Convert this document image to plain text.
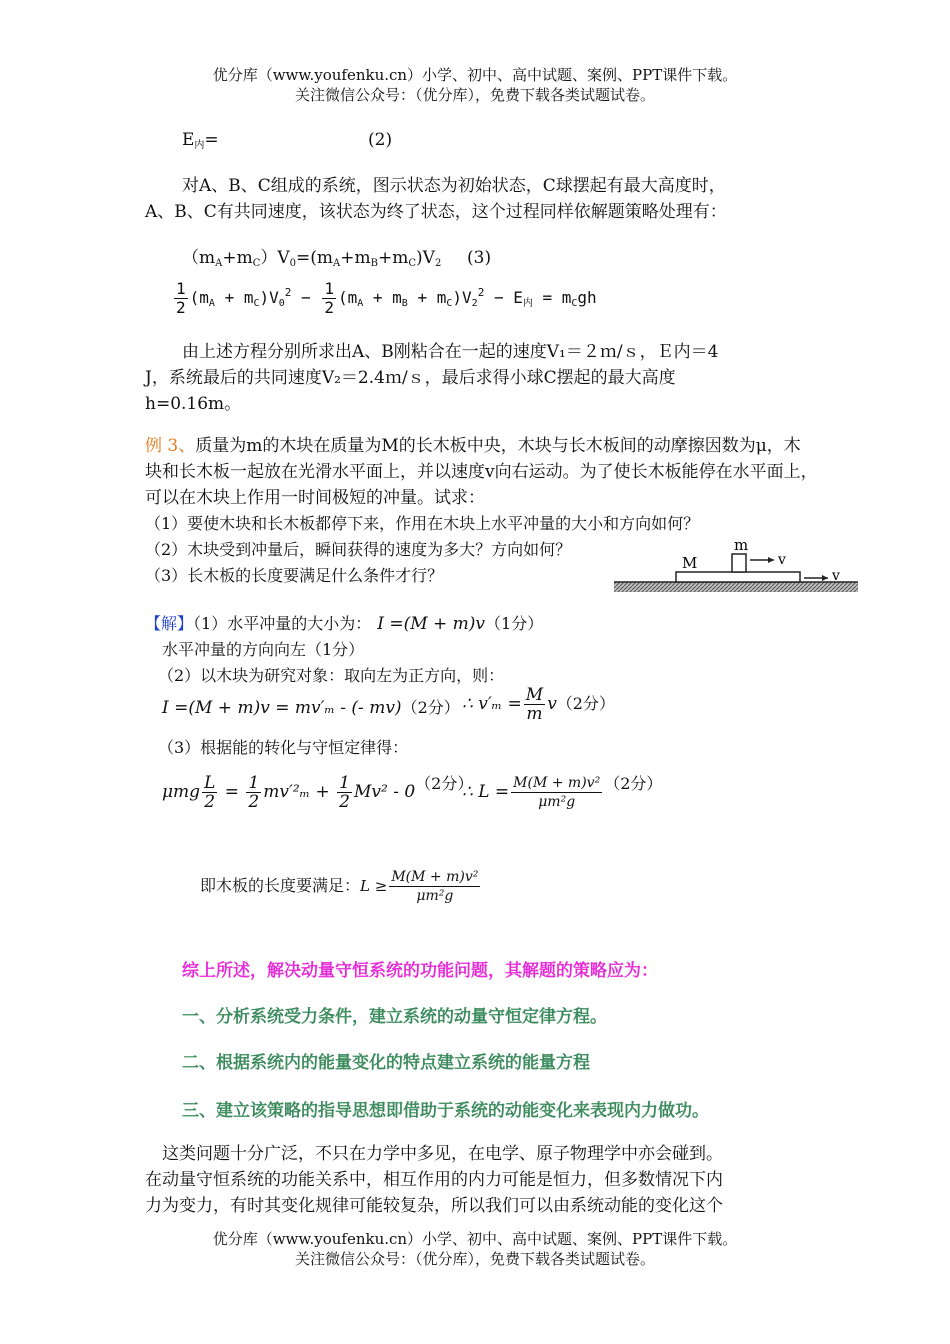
优分库（www.youfenku.cn）小学、初中、高中试题、案例、PPT课件下载。
关注微信公众号：（优分库），免费下载各类试题试卷。
$E_内=$	(2)
对A、B、C组成的系统，图示状态为初始状态，C球摆起有最大高度时，
A、B、C有共同速度，该状态为终了状态，这个过程同样依解题策略处理有：
$(m_A+m_C)V_0=(m_A+m_B+m_C)V_2$ (3)
$\frac{1}{2} (m_A + m_C)V_0^2 - \frac{1}{2} (m_A + m_B + m_C)V_2^2 - E_内 = m_Cgh$
由上述方程分别所求出A、B刚粘合在一起的速度V₁＝２ｍ/ｓ，Ｅ内＝4
J，系统最后的共同速度V₂＝2.4ｍ/ｓ，最后求得小球C摆起的最大高度
h=0.16m。
例 3、质量为m的木块在质量为M的长木板中央，木块与长木板间的动摩擦因数为μ，木
块和长木板一起放在光滑水平面上，并以速度v向右运动。为了使长木板能停在水平面上，
可以在木块上作用一时间极短的冲量。试求：
（1）要使木块和长木板都停下来，作用在木块上水平冲量的大小和方向如何？
（2）木块受到冲量后，瞬间获得的速度为多大？方向如何？
（3）长木板的长度要满足什么条件才行？
M
m
v
v
【解】（1）水平冲量的大小为： I =(M + m)v（1分）
水平冲量的方向向左（1分）
（2）以木块为研究对象：取向左为正方向，则：
I =(M + m)v = mv′ₘ - (- mv)（2分） ∴ $v'_m = \frac{M}{m} v(2$分）
（3）根据能的转化与守恒定律得：
μmg $\frac{L}{2} = \frac{1}{2} mv'^2_m + \frac{1}{2} Mv^2 - 0(2$分）
∴ $L = \frac{\text{M(M + m)v²}}{\text{μm²g}} (2$分）
即木板的长度要满足：$L \ge \frac{\text{M(M + m)v²}}{\text{μm²g}}$
综上所述，解决动量守恒系统的功能问题，其解题的策略应为：
一、分析系统受力条件，建立系统的动量守恒定律方程。
二、根据系统内的能量变化的特点建立系统的能量方程
三、建立该策略的指导思想即借助于系统的动能变化来表现内力做功。
这类问题十分广泛，不只在力学中多见，在电学、原子物理学中亦会碰到。
在动量守恒系统的功能关系中，相互作用的内力可能是恒力，但多数情况下内
力为变力，有时其变化规律可能较复杂，所以我们可以由系统动能的变化这个
优分库（www.youfenku.cn）小学、初中、高中试题、案例、PPT课件下载。
关注微信公众号：（优分库），免费下载各类试题试卷。
